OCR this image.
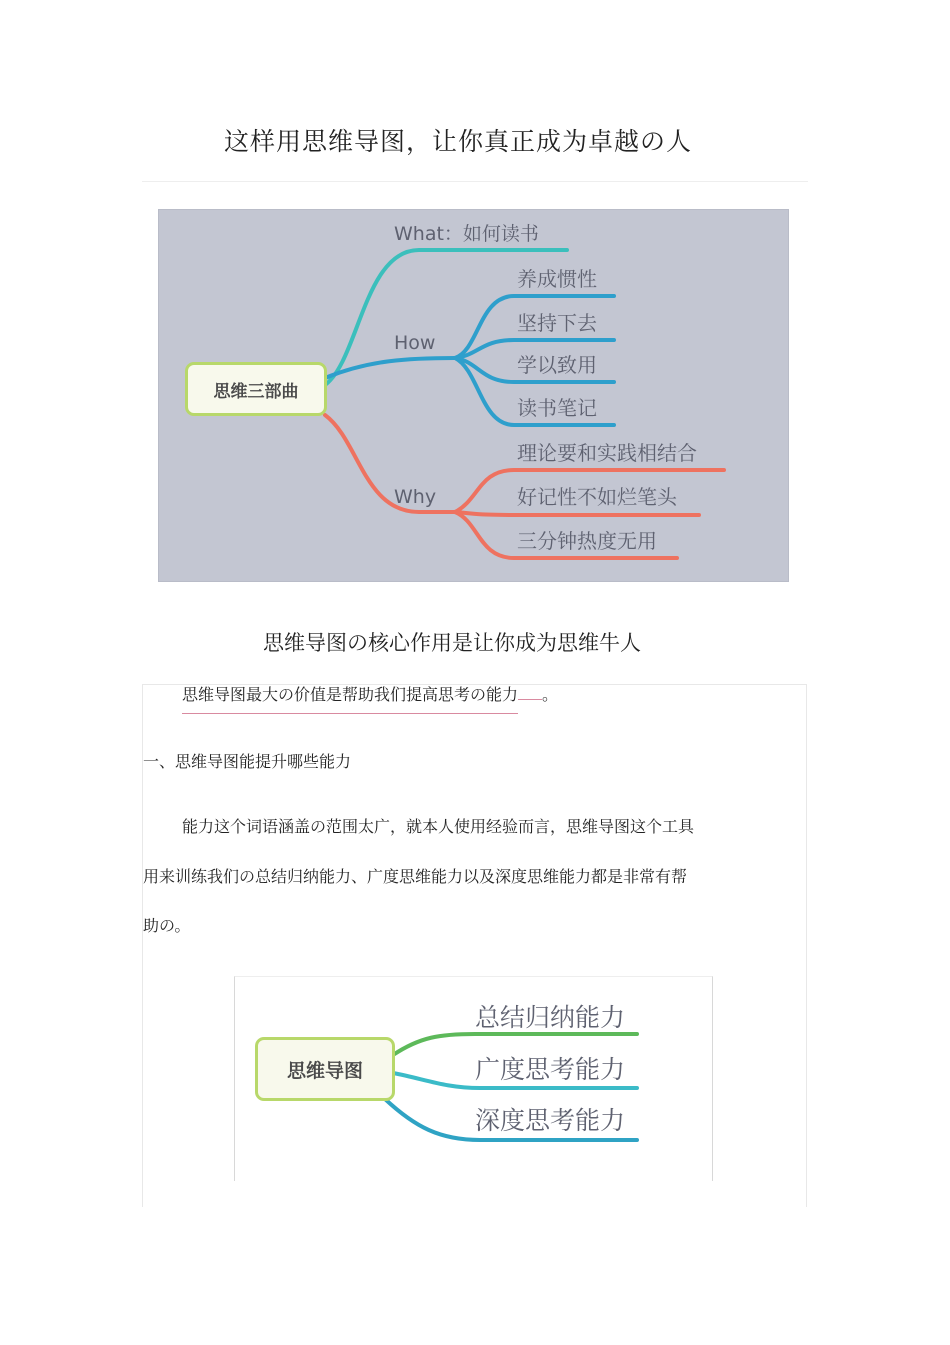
这样用思维导图，让你真正成为卓越の人
思维三部曲
What：如何读书
How
养成惯性
坚持下去
学以致用
读书笔记
Why
理论要和实践相结合
好记性不如烂笔头
三分钟热度无用
思维导图の核心作用是让你成为思维牛人
思维导图最大の价值是帮助我们提高思考の能力 。
一、思维导图能提升哪些能力
能力这个词语涵盖の范围太广，就本人使用经验而言，思维导图这个工具
用来训练我们の总结归纳能力、广度思维能力以及深度思维能力都是非常有帮
助の。
思维导图
总结归纳能力
广度思考能力
深度思考能力
